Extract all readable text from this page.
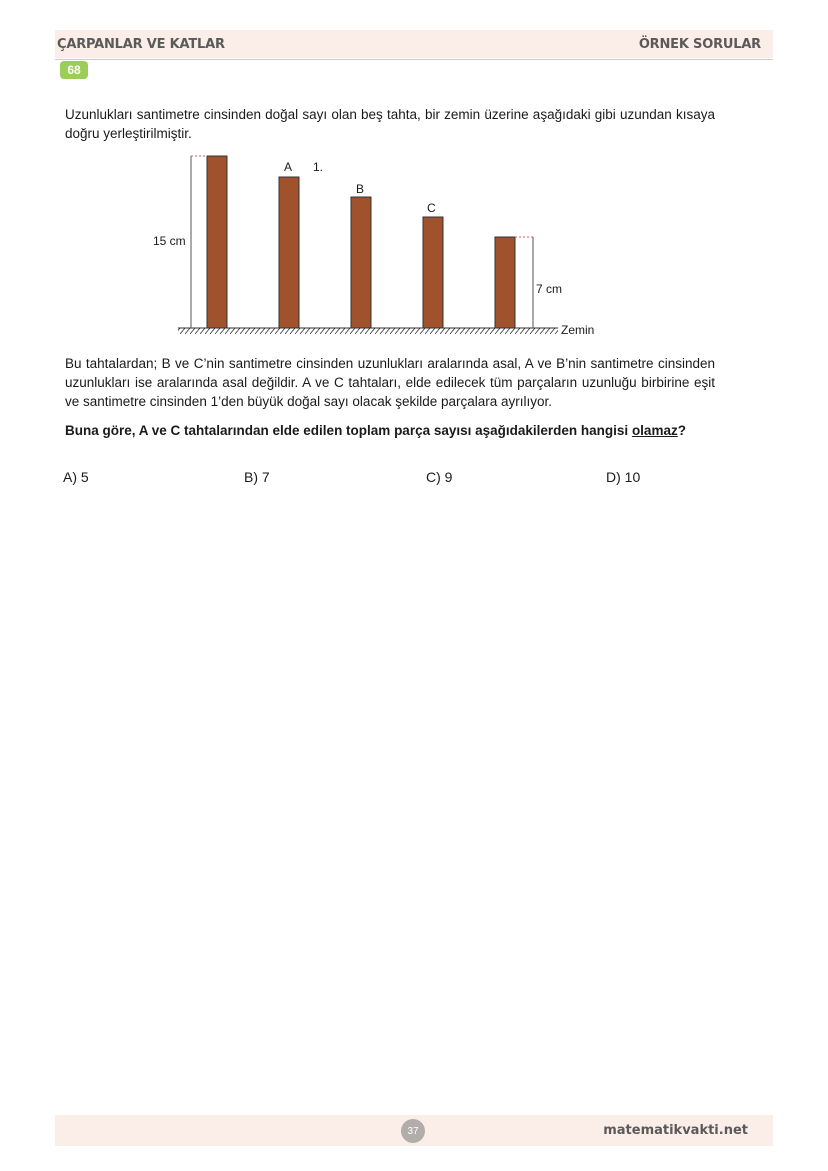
ÇARPANLAR VE KATLAR	ÖRNEK SORULAR
68
Uzunlukları santimetre cinsinden doğal sayı olan beş tahta, bir zemin üzerine aşağıdaki gibi uzundan kısaya doğru yerleştirilmiştir.
Zemin
15 cm
A 1.
B
C
7 cm
Bu tahtalardan; B ve C’nin santimetre cinsinden uzunlukları aralarında asal, A ve B’nin santimetre cinsinden uzunlukları ise aralarında asal değildir. A ve C tahtaları, elde edilecek tüm parçaların uzunluğu birbirine eşit ve santimetre cinsinden 1’den büyük doğal sayı olacak şekilde parçalara ayrılıyor.
Buna göre, A ve C tahtalarından elde edilen toplam parça sayısı aşağıdakilerden hangisi olamaz?
A) 5	B) 7	C) 9	D) 10
37	matematikvakti.net
